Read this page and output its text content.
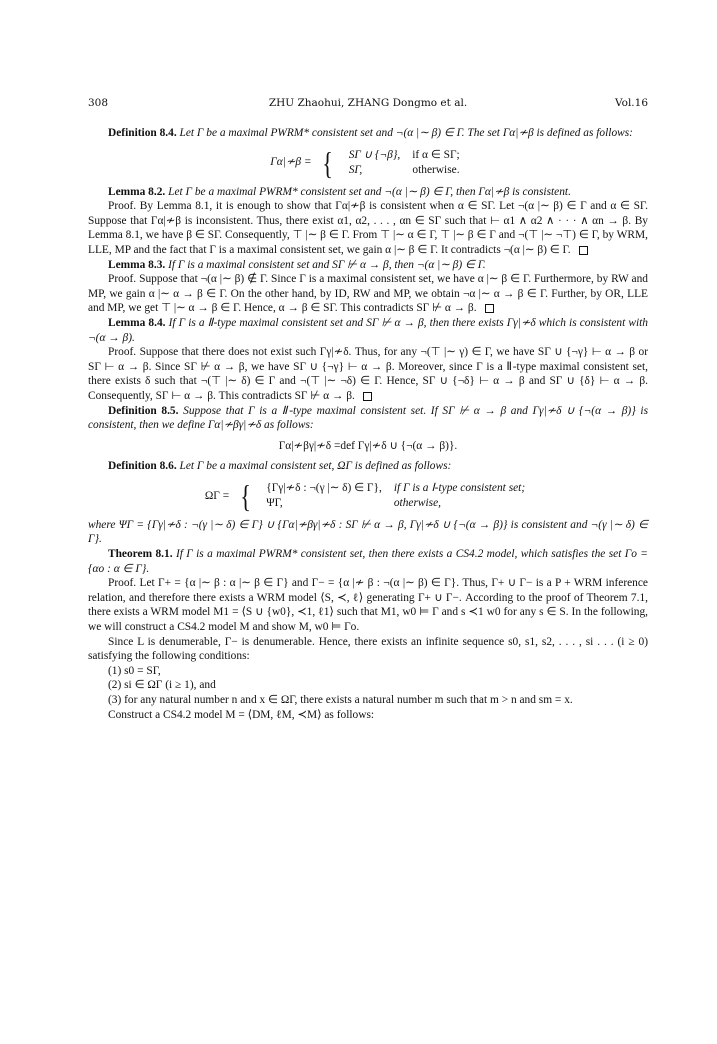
308	ZHU Zhaohui, ZHANG Dongmo et al.	Vol.16

Definition 8.4. Let Γ be a maximal PWRM* consistent set and ¬(α |∼ β) ∈ Γ. The set Γα|≁β is defined as follows:

Γα|≁β = { SΓ ∪ {¬β},	if α ∈ SΓ;
SΓ,	otherwise.

Lemma 8.2. Let Γ be a maximal PWRM* consistent set and ¬(α |∼ β) ∈ Γ, then Γα|≁β is consistent.

Proof. By Lemma 8.1, it is enough to show that Γα|≁β is consistent when α ∈ SΓ. Let ¬(α |∼ β) ∈ Γ and α ∈ SΓ. Suppose that Γα|≁β is inconsistent. Thus, there exist α1, α2, . . . , αn ∈ SΓ such that ⊢ α1 ∧ α2 ∧ · · · ∧ αn → β. By Lemma 8.1, we have β ∈ SΓ. Consequently, ⊤ |∼ β ∈ Γ. From ⊤ |∼ α ∈ Γ, ⊤ |∼ β ∈ Γ and ¬(⊤ |∼ ¬⊤) ∈ Γ, by WRM, LLE, MP and the fact that Γ is a maximal consistent set, we gain α |∼ β ∈ Γ. It contradicts ¬(α |∼ β) ∈ Γ.

Lemma 8.3. If Γ is a maximal consistent set and SΓ ⊬ α → β, then ¬(α |∼ β) ∈ Γ.

Proof. Suppose that ¬(α |∼ β) ∉ Γ. Since Γ is a maximal consistent set, we have α |∼ β ∈ Γ. Furthermore, by RW and MP, we gain α |∼ α → β ∈ Γ. On the other hand, by ID, RW and MP, we obtain ¬α |∼ α → β ∈ Γ. Further, by OR, LLE and MP, we get ⊤ |∼ α → β ∈ Γ. Hence, α → β ∈ SΓ. This contradicts SΓ ⊬ α → β.

Lemma 8.4. If Γ is a Ⅱ-type maximal consistent set and SΓ ⊬ α → β, then there exists Γγ|≁δ which is consistent with ¬(α → β).

Proof. Suppose that there does not exist such Γγ|≁δ. Thus, for any ¬(⊤ |∼ γ) ∈ Γ, we have SΓ ∪ {¬γ} ⊢ α → β or SΓ ⊢ α → β. Since SΓ ⊬ α → β, we have SΓ ∪ {¬γ} ⊢ α → β. Moreover, since Γ is a Ⅱ-type maximal consistent set, there exists δ such that ¬(⊤ |∼ δ) ∈ Γ and ¬(⊤ |∼ ¬δ) ∈ Γ. Hence, SΓ ∪ {¬δ} ⊢ α → β and SΓ ∪ {δ} ⊢ α → β. Consequently, SΓ ⊢ α → β. This contradicts SΓ ⊬ α → β.

Definition 8.5. Suppose that Γ is a Ⅱ-type maximal consistent set. If SΓ ⊬ α → β and Γγ|≁δ ∪ {¬(α → β)} is consistent, then we define Γα|≁βγ|≁δ as follows:

Γα|≁βγ|≁δ =def Γγ|≁δ ∪ {¬(α → β)}.

Definition 8.6. Let Γ be a maximal consistent set, ΩΓ is defined as follows:

ΩΓ = { {Γγ|≁δ : ¬(γ |∼ δ) ∈ Γ},	if Γ is a Ⅰ-type consistent set;
ΨΓ,	otherwise,

where ΨΓ = {Γγ|≁δ : ¬(γ |∼ δ) ∈ Γ} ∪ {Γα|≁βγ|≁δ : SΓ ⊬ α → β, Γγ|≁δ ∪ {¬(α → β)} is consistent and ¬(γ |∼ δ) ∈ Γ}.

Theorem 8.1. If Γ is a maximal PWRM* consistent set, then there exists a CS4.2 model, which satisfies the set Γo = {αo : α ∈ Γ}.

Proof. Let Γ+ = {α |∼ β : α |∼ β ∈ Γ} and Γ− = {α |≁ β : ¬(α |∼ β) ∈ Γ}. Thus, Γ+ ∪ Γ− is a P + WRM inference relation, and therefore there exists a WRM model ⟨S, ≺, ℓ⟩ generating Γ+ ∪ Γ−. According to the proof of Theorem 7.1, there exists a WRM model M1 = ⟨S ∪ {w0}, ≺1, ℓ1⟩ such that M1, w0 ⊨ Γ and s ≺1 w0 for any s ∈ S. In the following, we will construct a CS4.2 model M and show M, w0 ⊨ Γo.

Since L is denumerable, Γ− is denumerable. Hence, there exists an infinite sequence s0, s1, s2, . . . , si . . . (i ≥ 0) satisfying the following conditions:

(1) s0 = SΓ,

(2) si ∈ ΩΓ (i ≥ 1), and

(3) for any natural number n and x ∈ ΩΓ, there exists a natural number m such that m > n and sm = x.

Construct a CS4.2 model M = ⟨DM, ℓM, ≺M⟩ as follows:
